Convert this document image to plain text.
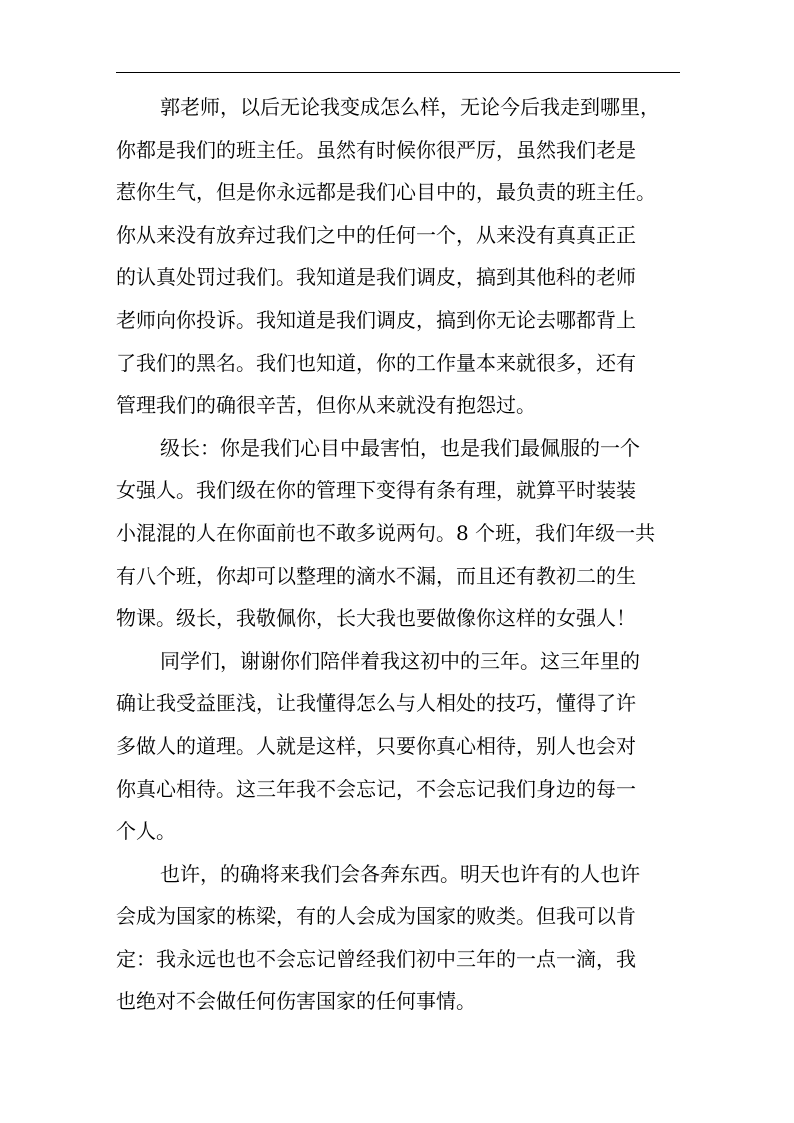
郭老师，以后无论我变成怎么样，无论今后我走到哪里，
你都是我们的班主任。虽然有时候你很严厉，虽然我们老是
惹你生气，但是你永远都是我们心目中的，最负责的班主任。
你从来没有放弃过我们之中的任何一个，从来没有真真正正
的认真处罚过我们。我知道是我们调皮，搞到其他科的老师
老师向你投诉。我知道是我们调皮，搞到你无论去哪都背上
了我们的黑名。我们也知道，你的工作量本来就很多，还有
管理我们的确很辛苦，但你从来就没有抱怨过。
级长：你是我们心目中最害怕，也是我们最佩服的一个
女强人。我们级在你的管理下变得有条有理，就算平时装装
小混混的人在你面前也不敢多说两句。8 个班，我们年级一共
有八个班，你却可以整理的滴水不漏，而且还有教初二的生
物课。级长，我敬佩你，长大我也要做像你这样的女强人！
同学们，谢谢你们陪伴着我这初中的三年。这三年里的
确让我受益匪浅，让我懂得怎么与人相处的技巧，懂得了许
多做人的道理。人就是这样，只要你真心相待，别人也会对
你真心相待。这三年我不会忘记，不会忘记我们身边的每一
个人。
也许，的确将来我们会各奔东西。明天也许有的人也许
会成为国家的栋梁，有的人会成为国家的败类。但我可以肯
定：我永远也也不会忘记曾经我们初中三年的一点一滴，我
也绝对不会做任何伤害国家的任何事情。
